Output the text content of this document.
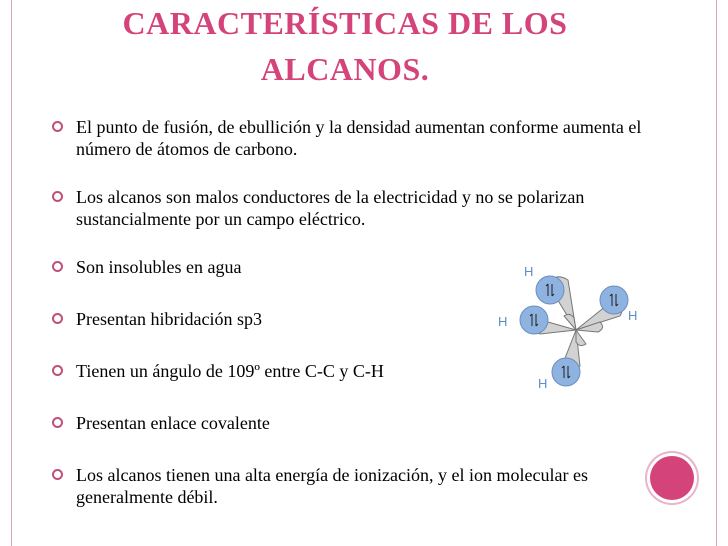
CARACTERÍSTICAS DE LOS
ALCANOS.
El punto de fusión, de ebullición y la densidad aumentan conforme aumenta el número de átomos de carbono.
Los alcanos son malos conductores de la electricidad y no se polarizan sustancialmente por un campo eléctrico.
Son insolubles en agua
Presentan hibridación sp3
Tienen un ángulo de 109º entre C-C y C-H
Presentan enlace covalente
Los alcanos tienen una alta energía de ionización, y el ion molecular es generalmente débil.
H
H	H
H
